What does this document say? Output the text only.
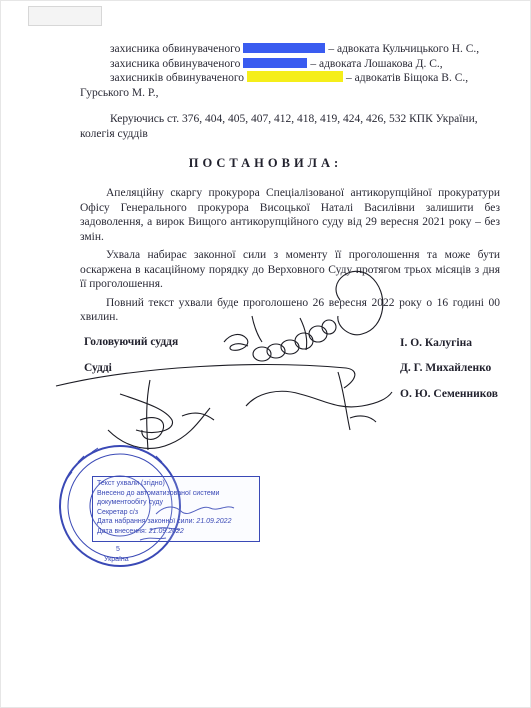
захисника обвинуваченого	– адвоката Кульчицького Н. С.,
захисника обвинуваченого	– адвоката Лошакова Д. С.,
захисників обвинуваченого	– адвокатів Біщока В. С.,
Гурського М. Р.,
Керуючись ст. 376, 404, 405, 407, 412, 418, 419, 424, 426, 532 КПК України,
колегія суддів
ПОСТАНОВИЛА:

Апеляційну скаргу прокурора Спеціалізованої антикорупційної прокуратури Офісу Генерального прокурора Висоцької Наталі Василівни залишити без задоволення, а вирок Вищого антикорупційного суду від 29 вересня 2021 року – без змін.

Ухвала набирає законної сили з моменту її проголошення та може бути оскаржена в касаційному порядку до Верховного Суду протягом трьох місяців з дня її проголошення.

Повний текст ухвали буде проголошено 26 вересня 2022 року о 16 годині 00 хвилин.

Головуючий суддя
Судді
І. О. Калугіна
Д. Г. Михайленко
О. Ю. Семенников
Текст ухвали (згідно)
Внесено до автоматизованої системи
документообігу суду
Секретар с/з
Дата набрання законної сили: 21.09.2022
Дата внесення: 21.09.2022
5
Україна
